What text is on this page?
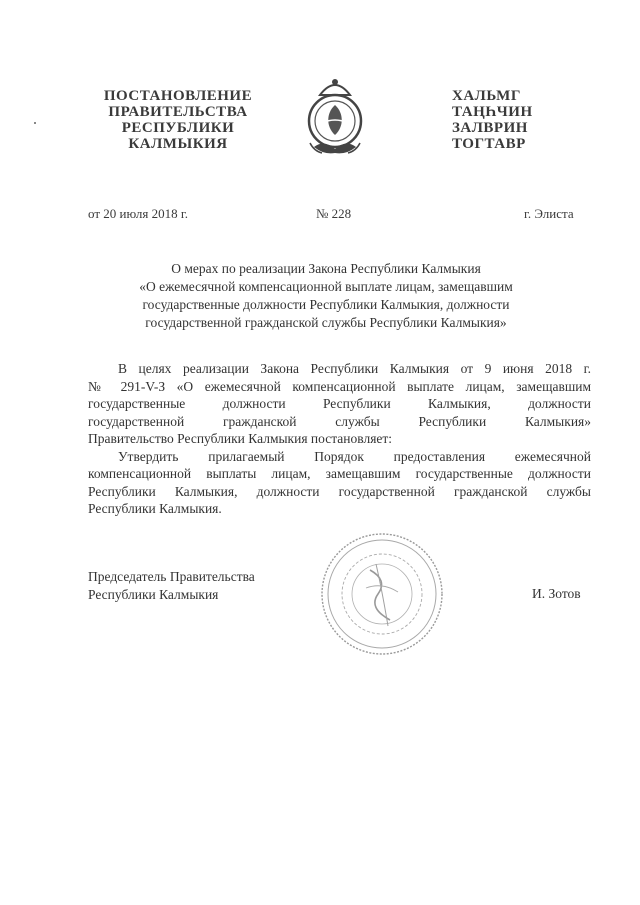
ПОСТАНОВЛЕНИЕ
ПРАВИТЕЛЬСТВА
РЕСПУБЛИКИ
КАЛМЫКИЯ
ХАЛЬМГ
ТАҢҺЧИН
ЗАЛВРИН
ТОГТАВР
от 20 июля 2018 г.	№ 228	г. Элиста
О мерах по реализации Закона Республики Калмыкия
«О ежемесячной компенсационной выплате лицам, замещавшим
государственные должности Республики Калмыкия, должности
государственной гражданской службы Республики Калмыкия»
В целях реализации Закона Республики Калмыкия от 9 июня 2018 г.
№ 291-V-З «О ежемесячной компенсационной выплате лицам, замещавшим
государственные должности Республики Калмыкия, должности
государственной гражданской службы Республики Калмыкия»
Правительство Республики Калмыкия постановляет:
Утвердить прилагаемый Порядок предоставления ежемесячной
компенсационной выплаты лицам, замещавшим государственные должности
Республики Калмыкия, должности государственной гражданской службы
Республики Калмыкия.
Председатель Правительства
Республики Калмыкия	И. Зотов
